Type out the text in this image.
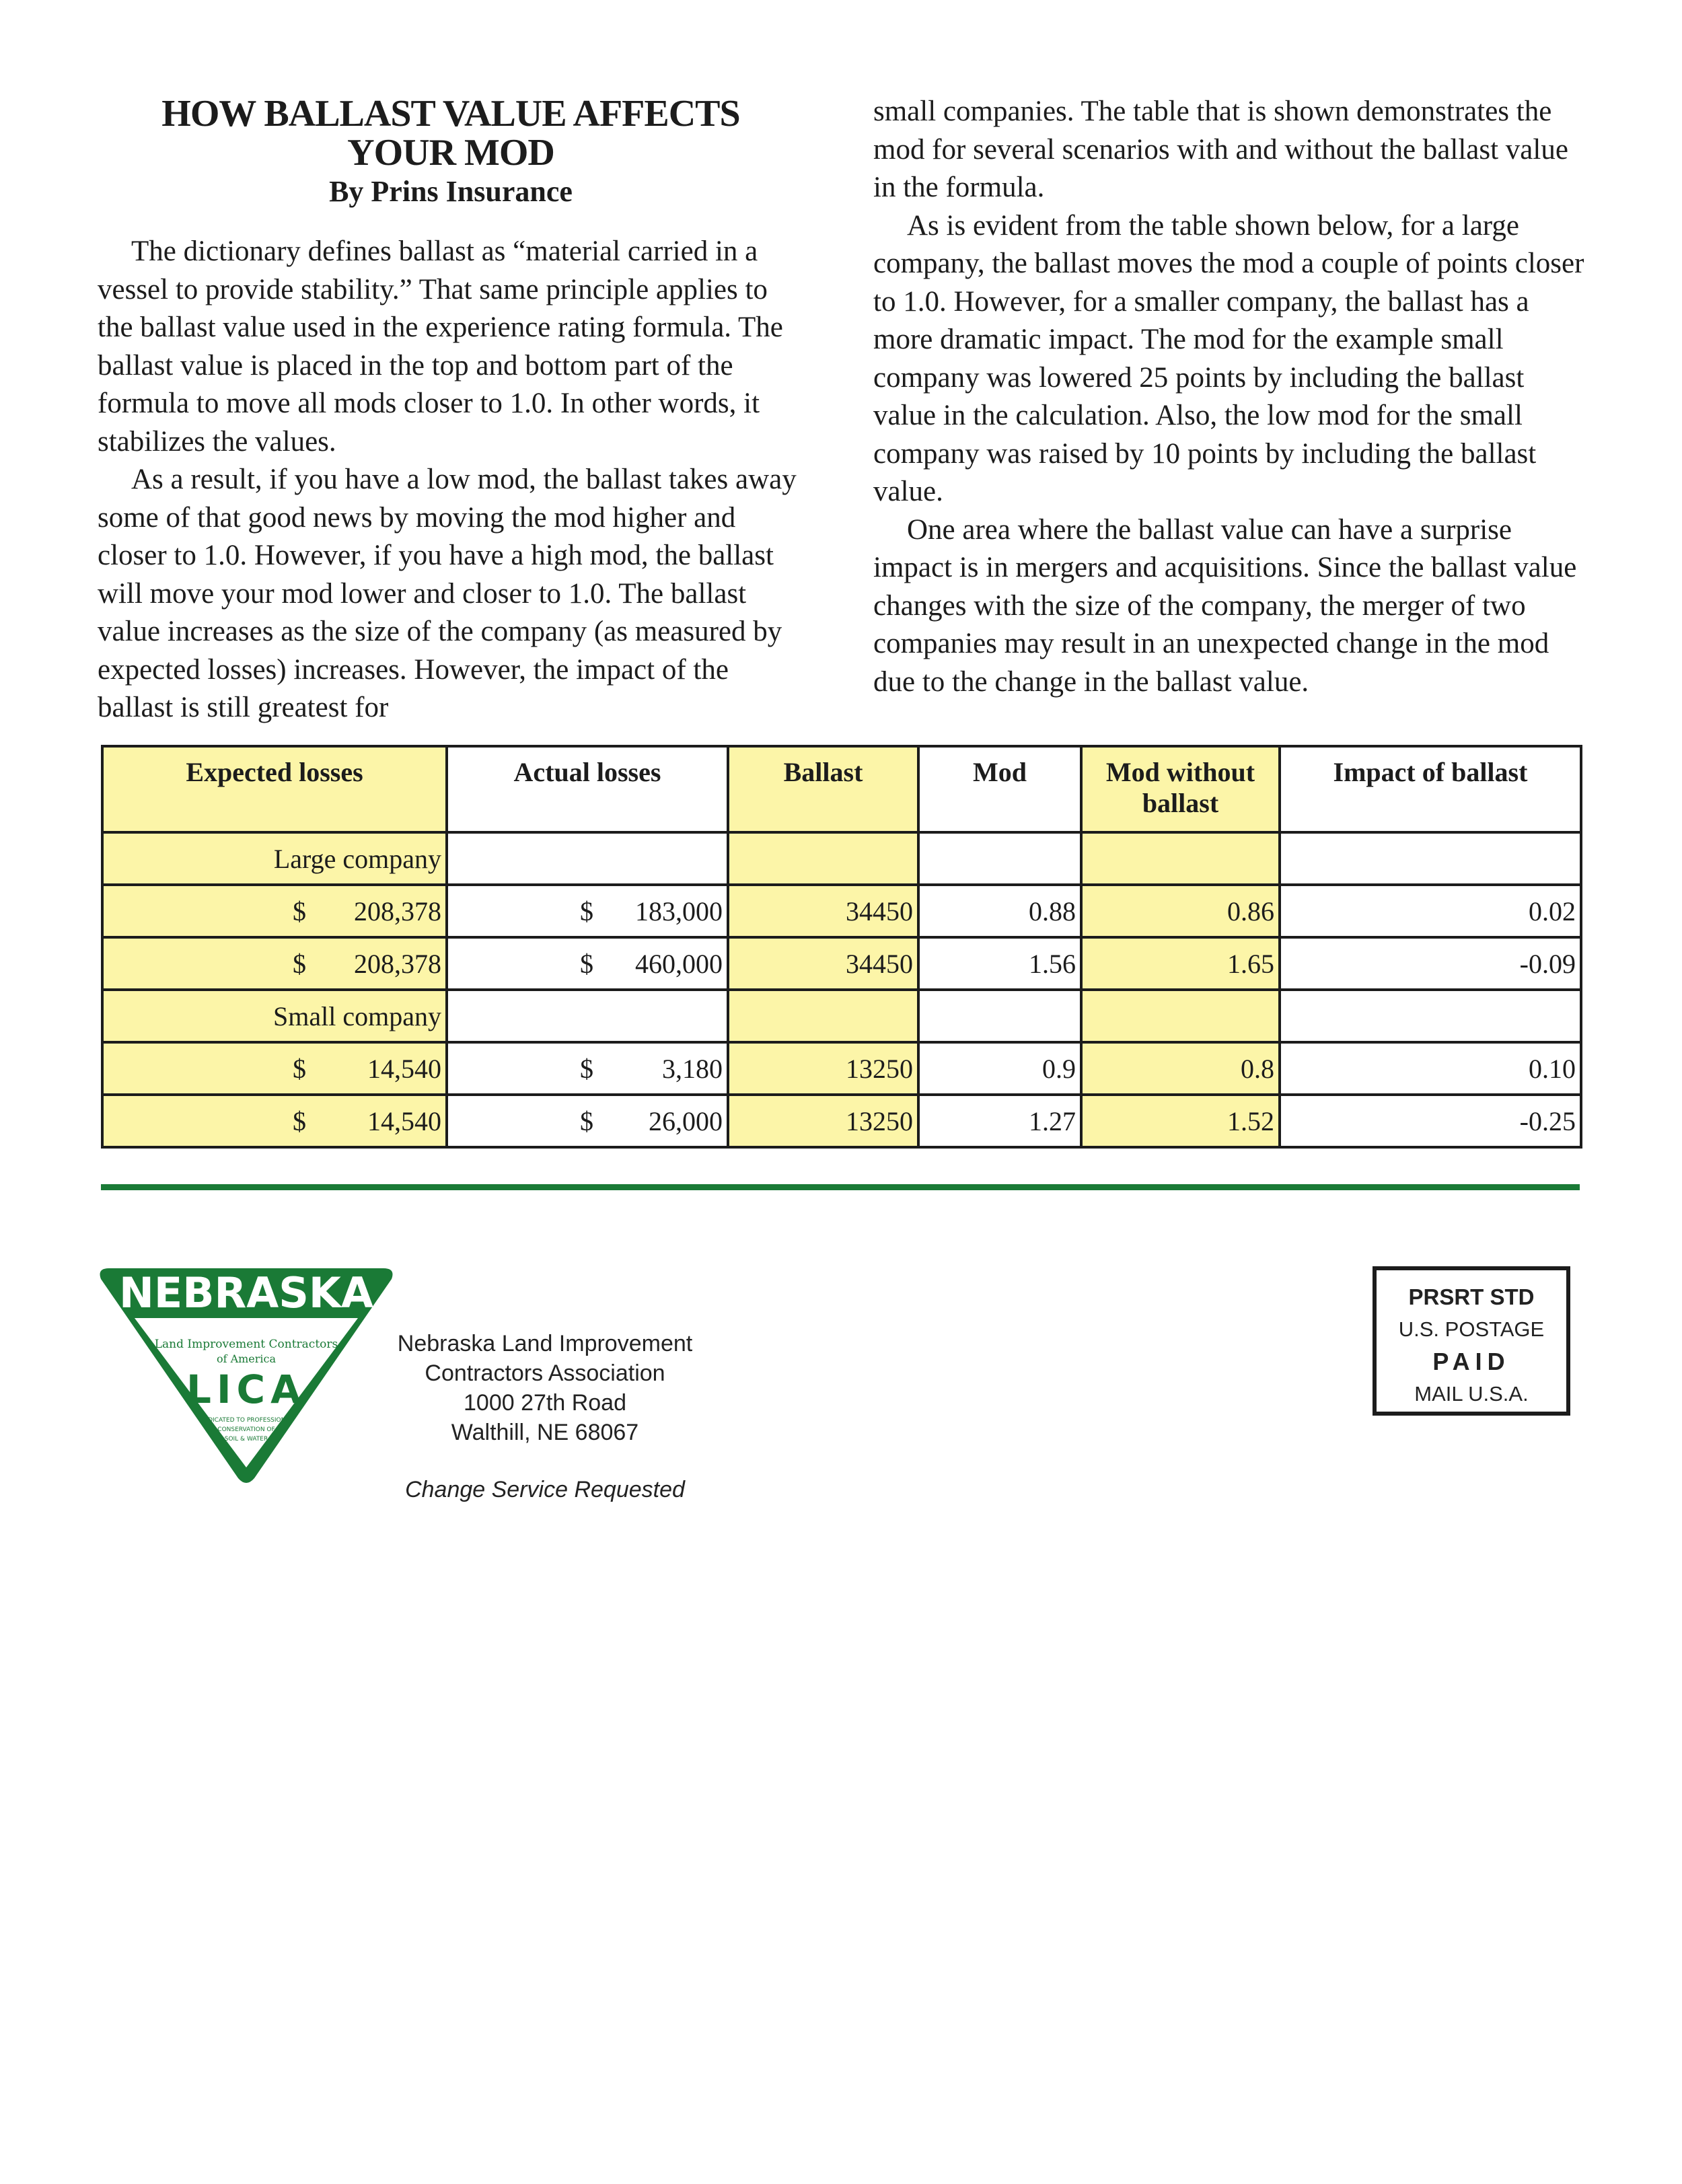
HOW BALLAST VALUE AFFECTS

YOUR MOD

By Prins Insurance

The dictionary defines ballast as “material carried in a vessel to provide stability.” That same principle applies to the ballast value used in the experience rating formula. The ballast value is placed in the top and bottom part of the formula to move all mods closer to 1.0. In other words, it stabilizes the values.

As a result, if you have a low mod, the ballast takes away some of that good news by moving the mod higher and closer to 1.0. However, if you have a high mod, the ballast will move your mod lower and closer to 1.0. The ballast value increases as the size of the company (as measured by expected losses) increases. However, the impact of the ballast is still greatest for

small companies. The table that is shown demonstrates the mod for several scenarios with and without the ballast value in the formula.

As is evident from the table shown below, for a large company, the ballast moves the mod a couple of points closer to 1.0. However, for a smaller company, the ballast has a more dramatic impact. The mod for the example small company was lowered 25 points by including the ballast value in the calculation. Also, the low mod for the small company was raised by 10 points by including the ballast value.

One area where the ballast value can have a surprise impact is in mergers and acquisitions. Since the ballast value changes with the size of the company, the merger of two companies may result in an unexpected change in the mod due to the change in the ballast value.

Expected losses	Actual losses	Ballast	Mod	Mod without ballast	Impact of ballast
Large company					

$ 208,378	$ 183,000	34450	0.88	0.86	0.02

$ 208,378	$ 460,000	34450	1.56	1.65	-0.09
Small company					

$ 14,540	$ 3,180	13250	0.9	0.8	0.10

$ 14,540	$ 26,000	13250	1.27	1.52	-0.25
NEBRASKA
CHAPTER
Land Improvement Contractors
of America
LICA
DEDICATED TO PROFESSIONAL
CONSERVATION OF
SOIL & WATER
Nebraska Land Improvement
Contractors Association
1000 27th Road
Walthill, NE 68067
Change Service Requested
PRSRT STD
U.S. POSTAGE
PAID
MAIL U.S.A.
